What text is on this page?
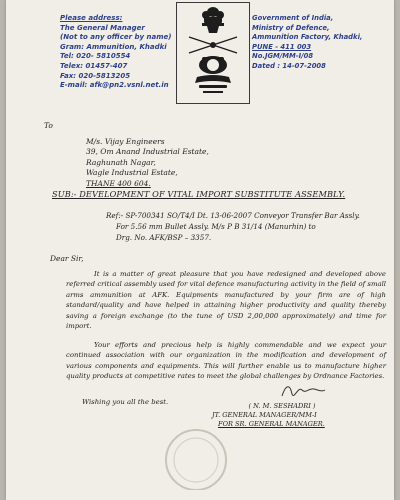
Please address:
The General Manager
(Not to any officer by name)
Gram: Ammunition, Khadki
Tel: 020- 5810554
Telex: 01457-407
Fax: 020-5813205
E-mail: afk@pn2.vsnl.net.in
Government of India,
Ministry of Defence,
Ammunition Factory, Khadki,
PUNE - 411 003
No.JGM/MM-I/08
Dated : 14-07-2008
To
M/s. Vijay Engineers
39, Om Anand Industrial Estate,
Raghunath Nagar,
Wagle Industrial Estate,
THANE 400 604.
SUB:- DEVELOPMENT OF VITAL IMPORT SUBSTITUTE ASSEMBLY.
Ref:- SP-700341 SO/T4/I Dt. 13-06-2007 Conveyor Transfer Bar Assly.
For 5.56 mm Bullet Assly. M/s P B 31/14 (Manurhin) to
Drg. No. AFK/BSP – 3357.
Dear Sir,
It is a matter of great pleasure that you have redesigned and developed above referred critical assembly used for vital defence manufacturing activity in the field of small arms ammunition at AFK. Equipments manufactured by your firm are of high standard/quality and have helped in attaining higher productivity and quality thereby saving a foreign exchange (to the tune of USD 2,00,000 approximately) and time for import.
Your efforts and precious help is highly commendable and we expect your continued association with our organization in the modification and development of various components and equipments. This will further enable us to manufacture higher quality products at competitive rates to meet the global challenges by Ordnance Factories.
Wishing you all the best.	( N. M. SESHADRI )
JT. GENERAL MANAGER/MM-I
FOR SR. GENERAL MANAGER.
